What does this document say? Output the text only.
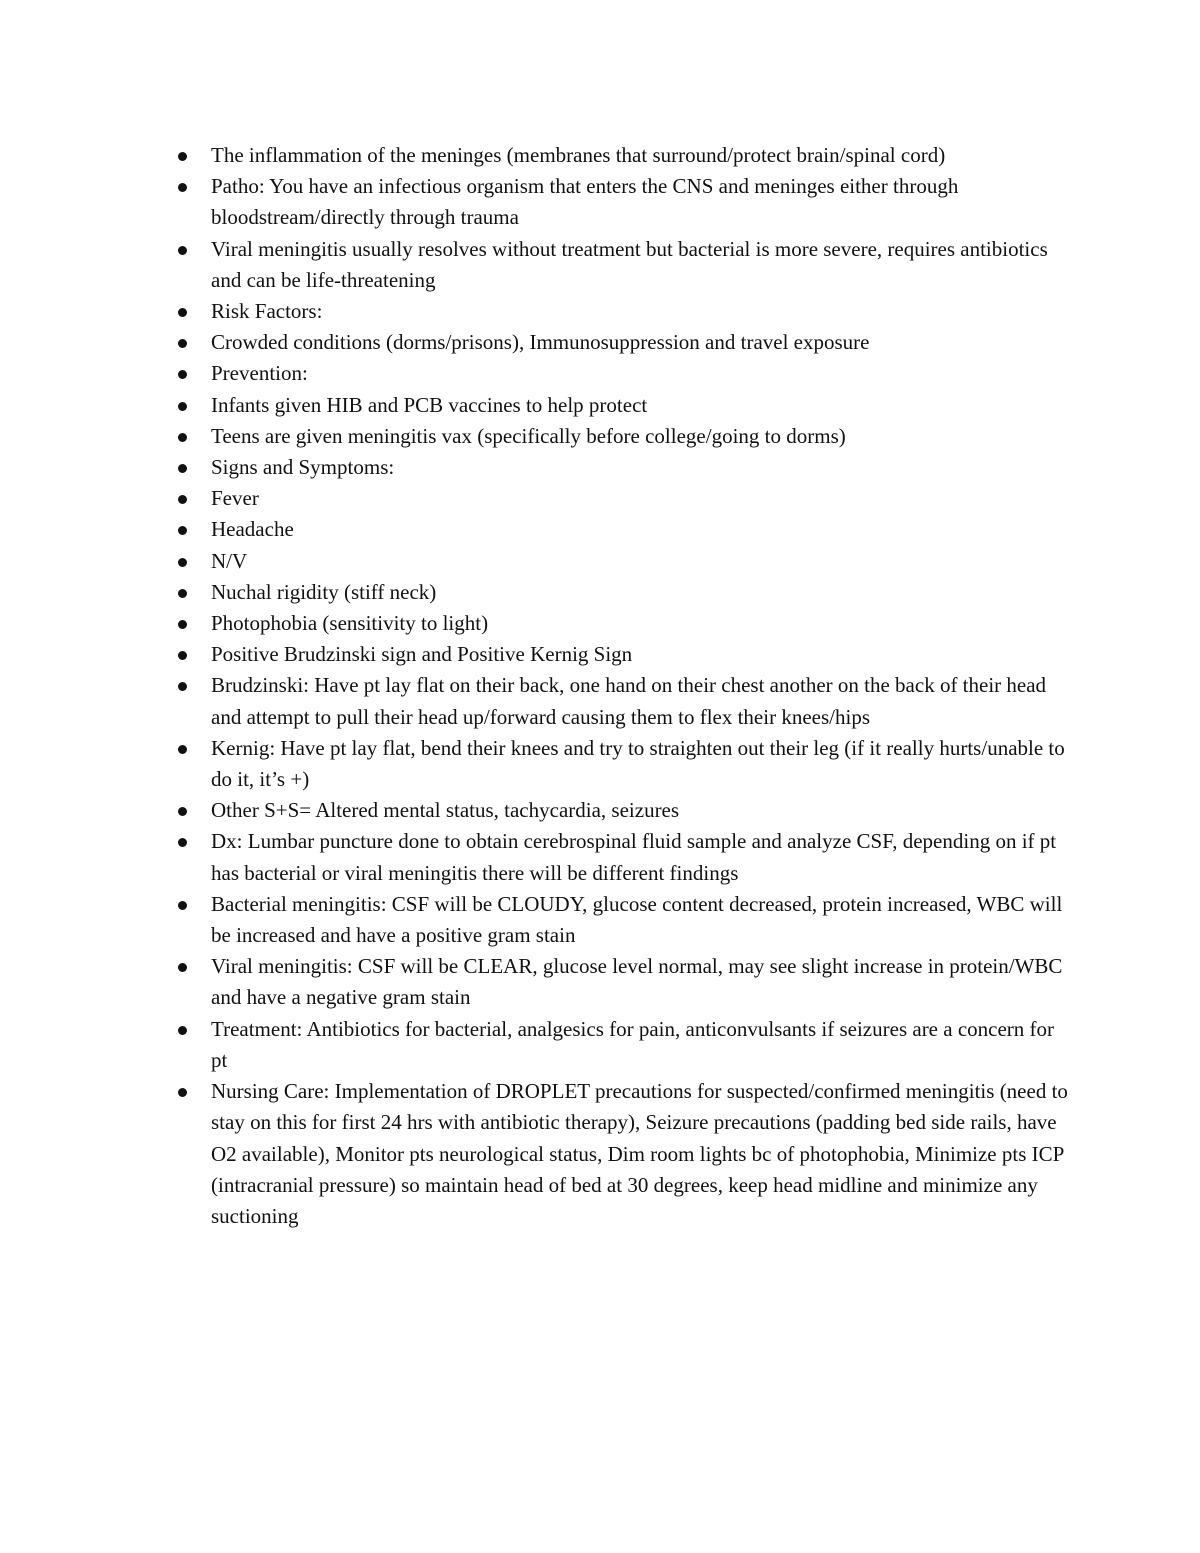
The inflammation of the meninges (membranes that surround/protect brain/spinal cord)
Patho: You have an infectious organism that enters the CNS and meninges either through bloodstream/directly through trauma
Viral meningitis usually resolves without treatment but bacterial is more severe, requires antibiotics and can be life-threatening
Risk Factors:
Crowded conditions (dorms/prisons), Immunosuppression and travel exposure
Prevention:
Infants given HIB and PCB vaccines to help protect
Teens are given meningitis vax (specifically before college/going to dorms)
Signs and Symptoms:
Fever
Headache
N/V
Nuchal rigidity (stiff neck)
Photophobia (sensitivity to light)
Positive Brudzinski sign and Positive Kernig Sign
Brudzinski: Have pt lay flat on their back, one hand on their chest another on the back of their head and attempt to pull their head up/forward causing them to flex their knees/hips
Kernig: Have pt lay flat, bend their knees and try to straighten out their leg (if it really hurts/unable to do it, it’s +)
Other S+S= Altered mental status, tachycardia, seizures
Dx: Lumbar puncture done to obtain cerebrospinal fluid sample and analyze CSF, depending on if pt has bacterial or viral meningitis there will be different findings
Bacterial meningitis: CSF will be CLOUDY, glucose content decreased, protein increased, WBC will be increased and have a positive gram stain
Viral meningitis: CSF will be CLEAR, glucose level normal, may see slight increase in protein/WBC and have a negative gram stain
Treatment: Antibiotics for bacterial, analgesics for pain, anticonvulsants if seizures are a concern for pt
Nursing Care: Implementation of DROPLET precautions for suspected/confirmed meningitis (need to stay on this for first 24 hrs with antibiotic therapy), Seizure precautions (padding bed side rails, have O2 available), Monitor pts neurological status, Dim room lights bc of photophobia, Minimize pts ICP (intracranial pressure) so maintain head of bed at 30 degrees, keep head midline and minimize any suctioning
